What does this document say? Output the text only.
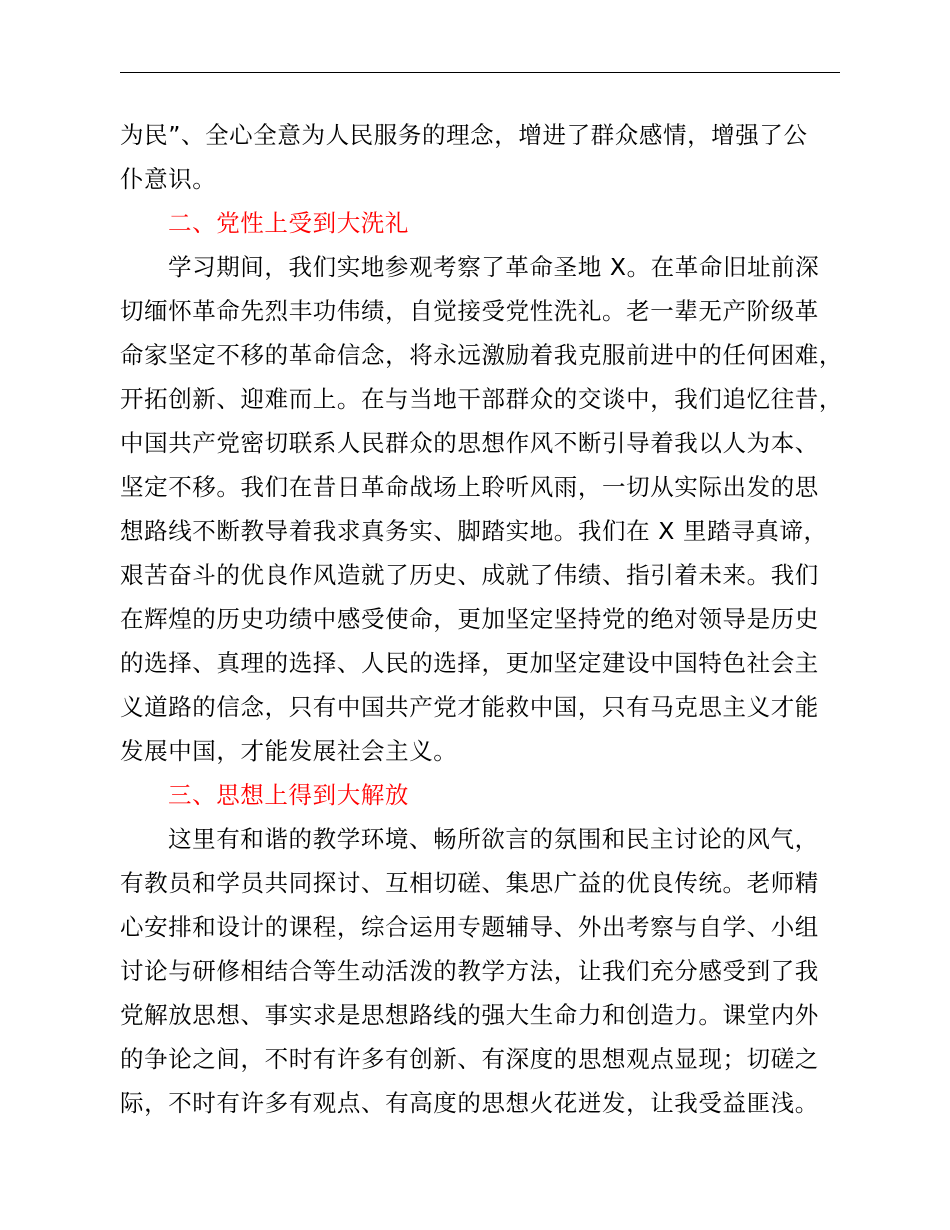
为民”、全心全意为人民服务的理念，增进了群众感情，增强了公
仆意识。
二、党性上受到大洗礼
学习期间，我们实地参观考察了革命圣地 X。在革命旧址前深
切缅怀革命先烈丰功伟绩，自觉接受党性洗礼。老一辈无产阶级革
命家坚定不移的革命信念，将永远激励着我克服前进中的任何困难，
开拓创新、迎难而上。在与当地干部群众的交谈中，我们追忆往昔，
中国共产党密切联系人民群众的思想作风不断引导着我以人为本、
坚定不移。我们在昔日革命战场上聆听风雨，一切从实际出发的思
想路线不断教导着我求真务实、脚踏实地。我们在 X 里踏寻真谛，
艰苦奋斗的优良作风造就了历史、成就了伟绩、指引着未来。我们
在辉煌的历史功绩中感受使命，更加坚定坚持党的绝对领导是历史
的选择、真理的选择、人民的选择，更加坚定建设中国特色社会主
义道路的信念，只有中国共产党才能救中国，只有马克思主义才能
发展中国，才能发展社会主义。
三、思想上得到大解放
这里有和谐的教学环境、畅所欲言的氛围和民主讨论的风气，
有教员和学员共同探讨、互相切磋、集思广益的优良传统。老师精
心安排和设计的课程，综合运用专题辅导、外出考察与自学、小组
讨论与研修相结合等生动活泼的教学方法，让我们充分感受到了我
党解放思想、事实求是思想路线的强大生命力和创造力。课堂内外
的争论之间，不时有许多有创新、有深度的思想观点显现；切磋之
际，不时有许多有观点、有高度的思想火花迸发，让我受益匪浅。
